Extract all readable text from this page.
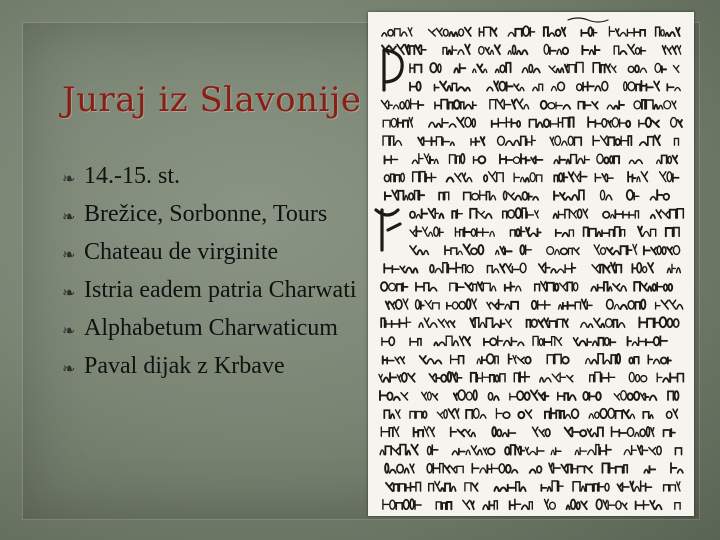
Juraj iz Slavonije
❧ 14.-15. st.
❧ Brežice, Sorbonne, Tours
❧ Chateau de virginite
❧ Istria eadem patria Charwati
❧ Alphabetum Charwaticum
❧ Paval dijak z Krbave
